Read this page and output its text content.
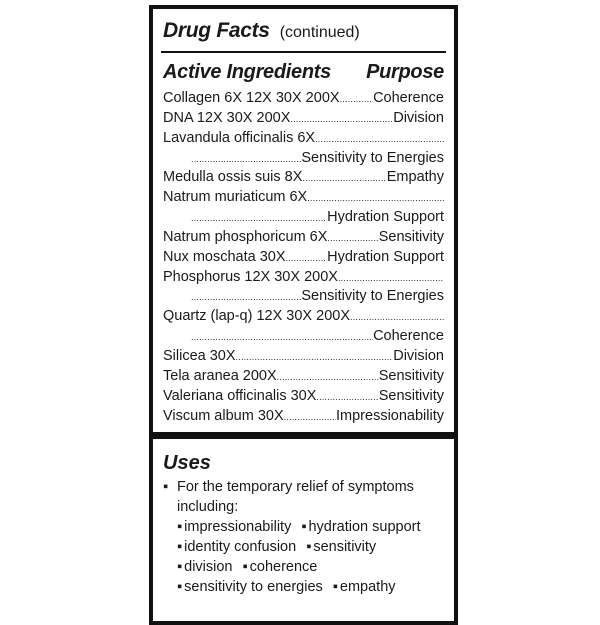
Drug Facts (continued)
Active Ingredients Purpose
Collagen 6X 12X 30X 200X ..... Coherence
DNA 12X 30X 200X .....	Division
Lavandula officinalis 6X
.....
.....
Sensitivity to Energies
Medulla ossis suis 8X .....	Empathy
Natrum muriaticum 6X
.....
.....
Hydration Support
Natrum phosphoricum 6X .....	Sensitivity
Nux moschata 30X .....	Hydration Support
Phosphorus 12X 30X 200X
.....
.....
Sensitivity to Energies
Quartz (lap-q) 12X 30X 200X
.....
.....
Coherence
Silicea 30X .....	Division
Tela aranea 200X .....	Sensitivity
Valeriana officinalis 30X .....	Sensitivity
Viscum album 30X .....	Impressionability
Uses
▪ For the temporary relief of symptoms
including:
▪ impressionability	▪ hydration support
▪ identity confusion	▪ sensitivity
▪ division	▪ coherence
▪ sensitivity to energies	▪ empathy
